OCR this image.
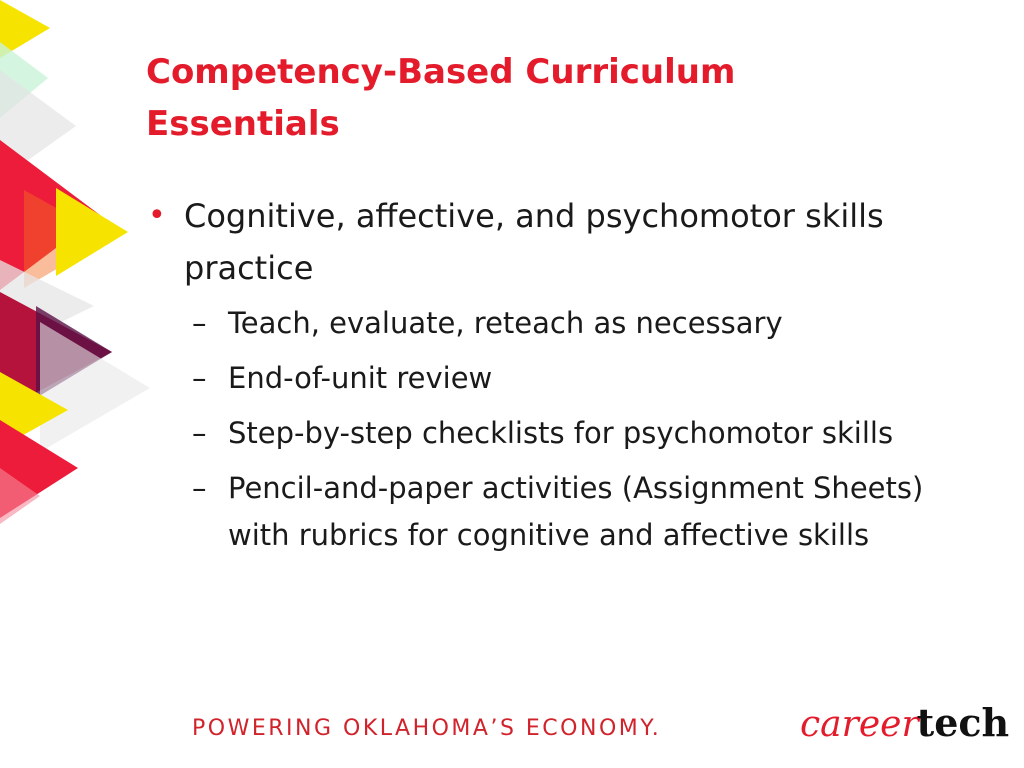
Competency-Based Curriculum
Essentials
• Cognitive, affective, and psychomotor skills practice
– Teach, evaluate, reteach as necessary
– End-of-unit review
– Step-by-step checklists for psychomotor skills
– Pencil-and-paper activities (Assignment Sheets) with rubrics for cognitive and affective skills
POWERING OKLAHOMA’S ECONOMY.	careertech
